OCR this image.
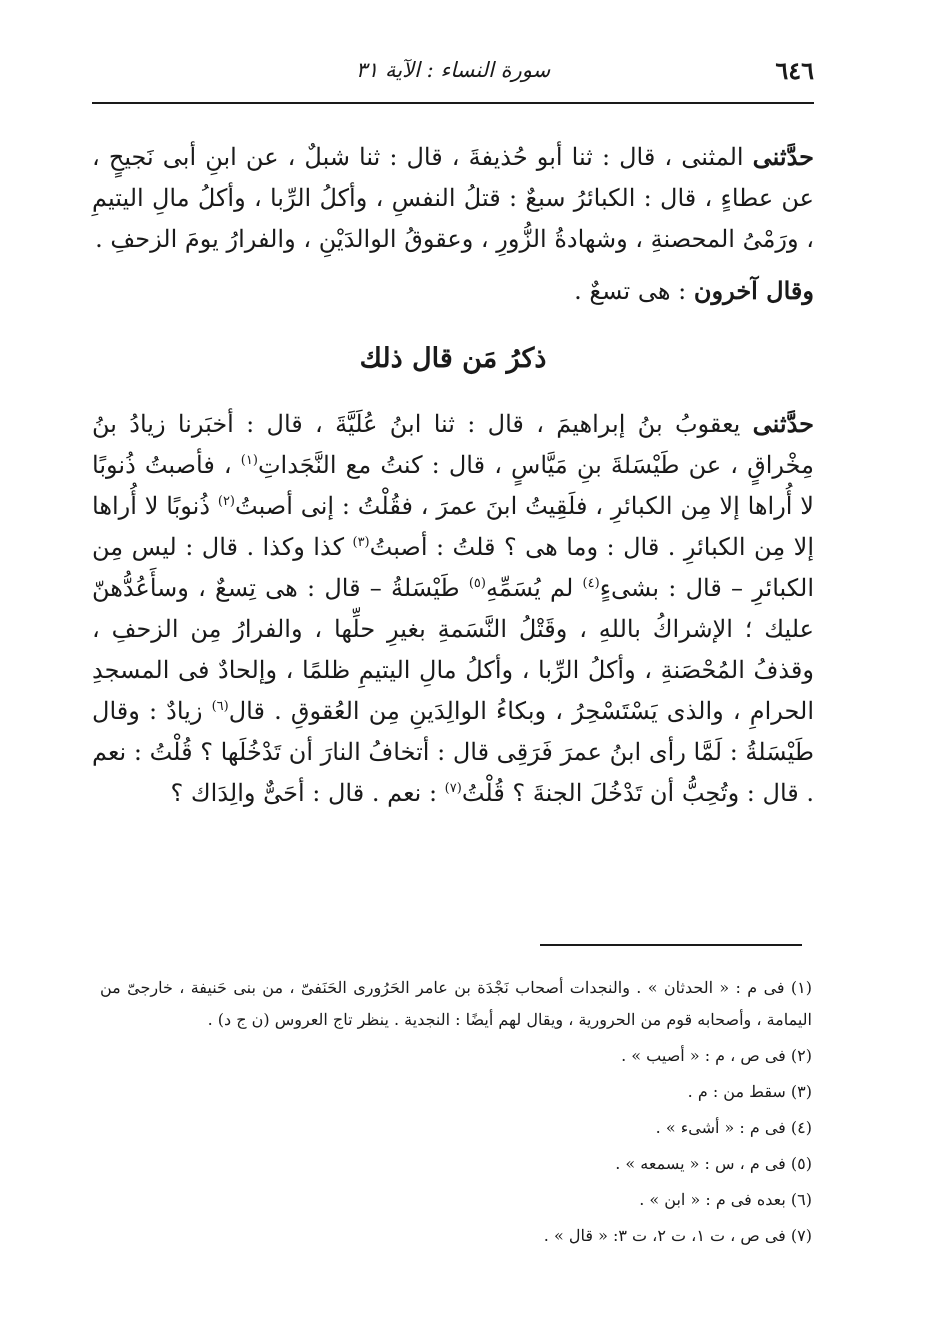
٦٤٦
سورة النساء : الآية ٣١

حدَّثنى المثنى ، قال : ثنا أبو حُذيفةَ ، قال : ثنا شبلٌ ، عن ابنِ أبى نَجيحٍ ، عن عطاءٍ ، قال : الكبائرُ سبعٌ : قتلُ النفسِ ، وأكلُ الرِّبا ، وأكلُ مالِ اليتيمِ ، ورَمْىُ المحصنةِ ، وشهادةُ الزُّورِ ، وعقوقُ الوالدَيْنِ ، والفرارُ يومَ الزحفِ .

وقال آخرون : هى تسعٌ .

ذكرُ مَن قال ذلك

حدَّثنى يعقوبُ بنُ إبراهيمَ ، قال : ثنا ابنُ عُلَيَّةَ ، قال : أخبَرنا زيادُ بنُ مِخْراقٍ ، عن طَيْسَلةَ بنِ مَيَّاسٍ ، قال : كنتُ مع النَّجَداتِ$^{(١)}$ ، فأصبتُ ذُنوبًا لا أُراها إلا مِن الكبائرِ ، فلَقِيتُ ابنَ عمرَ ، فقُلْتُ : إنى أصبتُ$^{(٢)}$ ذُنوبًا لا أُراها إلا مِن الكبائرِ . قال : وما هى ؟ قلتُ : أصبتُ$^{(٣)}$ كذا وكذا . قال : ليس مِن الكبائرِ – قال : بشىءٍ$^{(٤)}$ لم يُسَمِّهِ$^{(٥)}$ طَيْسَلةُ – قال : هى تِسعٌ ، وسأَعُدُّهنّ عليك ؛ الإشراكُ باللهِ ، وقَتْلُ النَّسَمةِ بغيرِ حلِّها ، والفرارُ مِن الزحفِ ، وقذفُ المُحْصَنةِ ، وأكلُ الرِّبا ، وأكلُ مالِ اليتيمِ ظلمًا ، وإلحادٌ فى المسجدِ الحرامِ ، والذى يَسْتَسْحِرُ ، وبكاءُ الوالِدَينِ مِن العُقوقِ . قال$^{(٦)}$ زيادٌ : وقال طَيْسَلةُ : لَمَّا رأى ابنُ عمرَ فَرَقِى قال : أتخافُ النارَ أن تَدْخُلَها ؟ قُلْتُ : نعم . قال : وتُحِبُّ أن تَدْخُلَ الجنةَ ؟ قُلْتُ$^{(٧)}$ : نعم . قال : أحَىٌّ والِدَاك ؟

(١) فى م : « الحدثان » . والنجدات أصحاب نَجْدَة بن عامر الحَرُورى الحَنَفىّ ، من بنى حَنيفة ، خارجىّ من اليمامة ، وأصحابه قوم من الحرورية ، ويقال لهم أيضًا : النجدية . ينظر تاج العروس (ن ج د) .

(٢) فى ص ، م : « أصيب » .

(٣) سقط من : م .

(٤) فى م : « أشىء » .

(٥) فى م ، س : « يسمعه » .

(٦) بعده فى م : « ابن » .

(٧) فى ص ، ت ١، ت ٢، ت ٣: « قال » .
